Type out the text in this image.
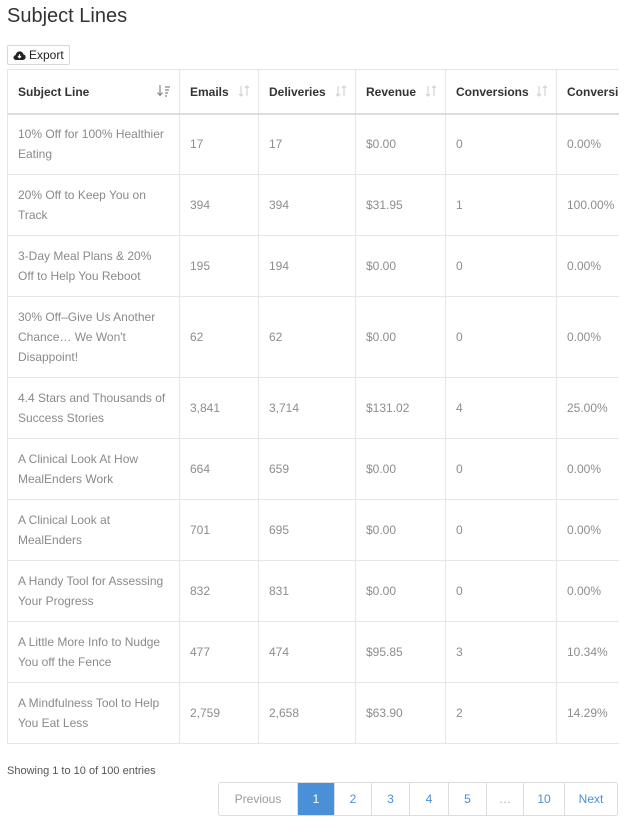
Subject Lines
Export
Subject Line	Emails	Deliveries	Revenue	Conversions	Conversi
10% Off for 100% Healthier Eating	17	17	$0.00	0	0.00%
20% Off to Keep You on Track	394	394	$31.95	1	100.00%
3-Day Meal Plans & 20% Off to Help You Reboot	195	194	$0.00	0	0.00%
30% Off–Give Us Another Chance… We Won't Disappoint!	62	62	$0.00	0	0.00%
4.4 Stars and Thousands of Success Stories	3,841	3,714	$131.02	4	25.00%
A Clinical Look At How MealEnders Work	664	659	$0.00	0	0.00%
A Clinical Look at MealEnders	701	695	$0.00	0	0.00%
A Handy Tool for Assessing Your Progress	832	831	$0.00	0	0.00%
A Little More Info to Nudge You off the Fence	477	474	$95.85	3	10.34%
A Mindfulness Tool to Help You Eat Less	2,759	2,658	$63.90	2	14.29%
Showing 1 to 10 of 100 entries
Previous	1	2	3	4	5	…	10	Next
